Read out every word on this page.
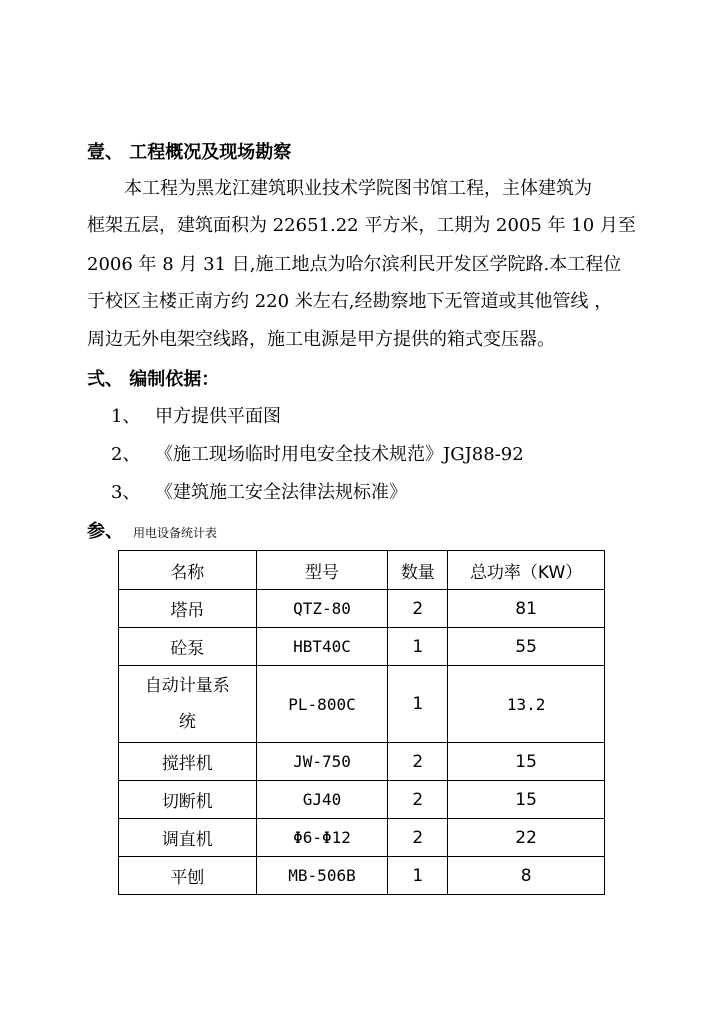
壹、 工程概况及现场勘察
本工程为黑龙江建筑职业技术学院图书馆工程，主体建筑为
框架五层，建筑面积为 22651.22 平方米，工期为 2005 年 10 月至
2006 年 8 月 31 日,施工地点为哈尔滨利民开发区学院路.本工程位
于校区主楼正南方约 220 米左右,经勘察地下无管道或其他管线 ，
周边无外电架空线路，施工电源是甲方提供的箱式变压器。
弍、 编制依据：
1、 甲方提供平面图
2、 《施工现场临时用电安全技术规范》JGJ88-92
3、 《建筑施工安全法律法规标准》
参、 用电设备统计表
名称	型号	数量	总功率（KW）
塔吊	QTZ-80	2	81
砼泵	HBT40C	1	55

自动计量系
统	PL-800C	1	13.2
搅拌机	JW-750	2	15
切断机	GJ40	2	15
调直机	Φ6-Φ12	2	22
平刨	MB-506B	1	8
